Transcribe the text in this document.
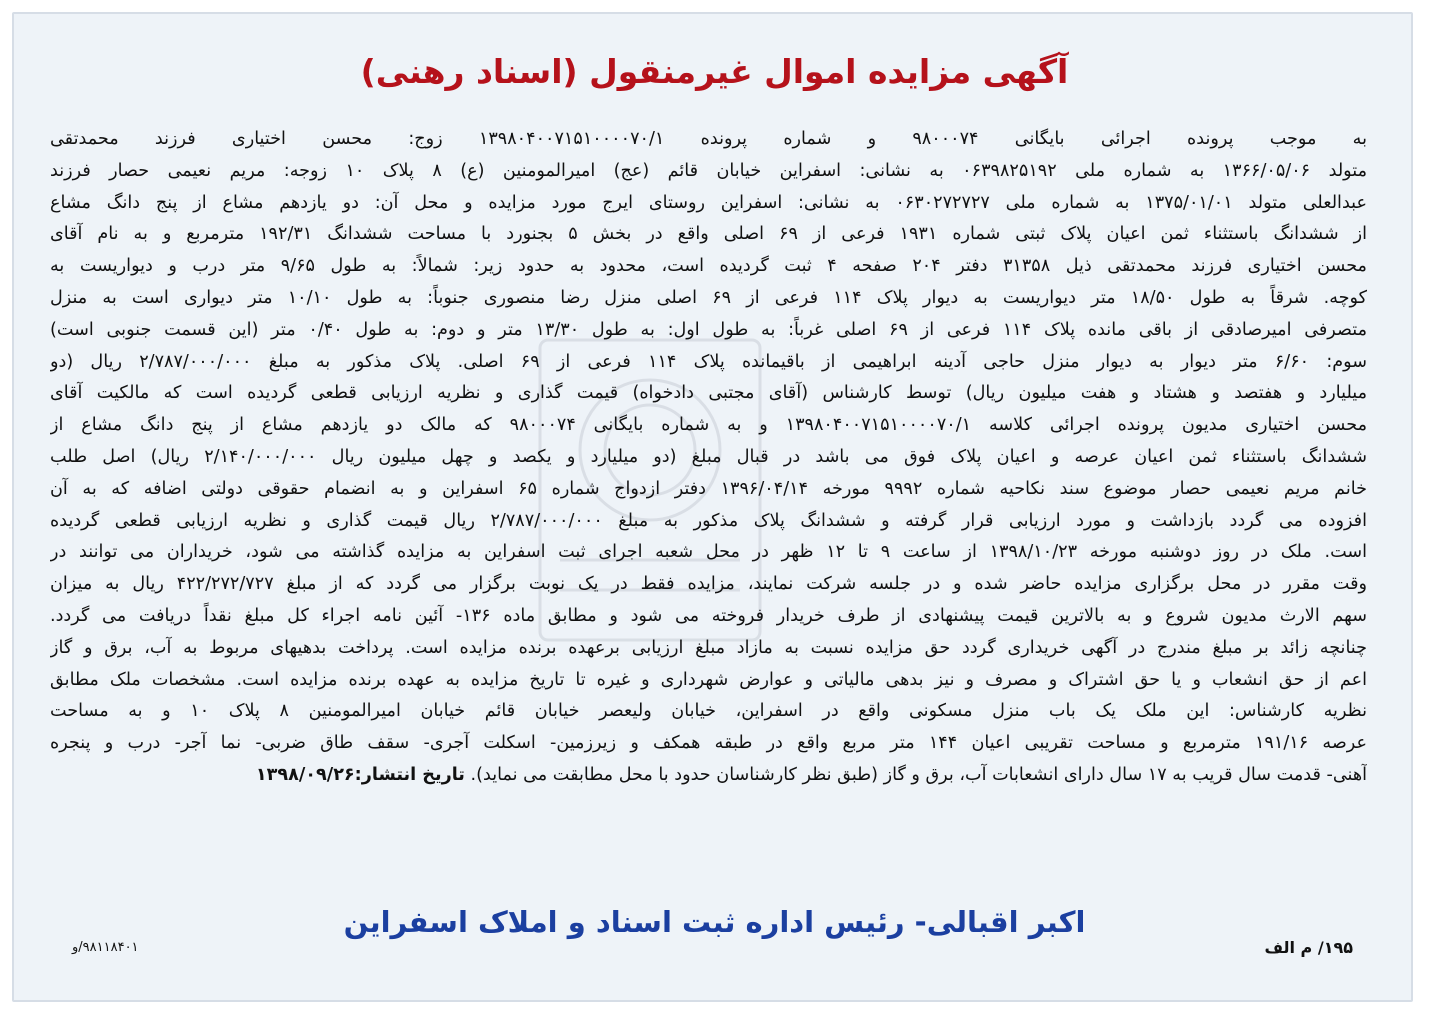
آگهی مزایده اموال غیرمنقول (اسناد رهنی)
به موجب پرونده اجرائی بایگانی ۹۸۰۰۰۷۴ و شماره پرونده ۱۳۹۸۰۴۰۰۷۱۵۱۰۰۰۰۷۰/۱ زوج: محسن اختیاری فرزند محمدتقی
متولد ۱۳۶۶/۰۵/۰۶ به شماره ملی ۰۶۳۹۸۲۵۱۹۲ به نشانی: اسفراین خیابان قائم (عج) امیرالمومنین (ع) ۸ پلاک ۱۰ زوجه: مریم نعیمی حصار فرزند
عبدالعلی متولد ۱۳۷۵/۰۱/۰۱ به شماره ملی ۰۶۳۰۲۷۲۷۲۷ به نشانی: اسفراین روستای ایرج مورد مزایده و محل آن: دو یازدهم مشاع از پنج دانگ مشاع
از ششدانگ باستثناء ثمن اعیان پلاک ثبتی شماره ۱۹۳۱ فرعی از ۶۹ اصلی واقع در بخش ۵ بجنورد با مساحت ششدانگ ۱۹۲/۳۱ مترمربع و به نام آقای
محسن اختیاری فرزند محمدتقی ذیل ۳۱۳۵۸ دفتر ۲۰۴ صفحه ۴ ثبت گردیده است، محدود به حدود زیر: شمالاً: به طول ۹/۶۵ متر درب و دیواریست به
کوچه. شرقاً به طول ۱۸/۵۰ متر دیواریست به دیوار پلاک ۱۱۴ فرعی از ۶۹ اصلی منزل رضا منصوری جنوباً: به طول ۱۰/۱۰ متر دیواری است به منزل
متصرفی امیرصادقی از باقی مانده پلاک ۱۱۴ فرعی از ۶۹ اصلی غرباً: به طول اول: به طول ۱۳/۳۰ متر و دوم: به طول ۰/۴۰ متر (این قسمت جنوبی است)
سوم: ۶/۶۰ متر دیوار به دیوار منزل حاجی آدینه ابراهیمی از باقیمانده پلاک ۱۱۴ فرعی از ۶۹ اصلی. پلاک مذکور به مبلغ ۲/۷۸۷/۰۰۰/۰۰۰ ریال (دو
میلیارد و هفتصد و هشتاد و هفت میلیون ریال) توسط کارشناس (آقای مجتبی دادخواه) قیمت گذاری و نظریه ارزیابی قطعی گردیده است که مالکیت آقای
محسن اختیاری مدیون پرونده اجرائی کلاسه ۱۳۹۸۰۴۰۰۷۱۵۱۰۰۰۰۷۰/۱ و به شماره بایگانی ۹۸۰۰۰۷۴ که مالک دو یازدهم مشاع از پنج دانگ مشاع از
ششدانگ باستثناء ثمن اعیان عرصه و اعیان پلاک فوق می باشد در قبال مبلغ (دو میلیارد و یکصد و چهل میلیون ریال ۲/۱۴۰/۰۰۰/۰۰۰ ریال) اصل طلب
خانم مریم نعیمی حصار موضوع سند نکاحیه شماره ۹۹۹۲ مورخه ۱۳۹۶/۰۴/۱۴ دفتر ازدواج شماره ۶۵ اسفراین و به انضمام حقوقی دولتی اضافه که به آن
افزوده می گردد بازداشت و مورد ارزیابی قرار گرفته و ششدانگ پلاک مذکور به مبلغ ۲/۷۸۷/۰۰۰/۰۰۰ ریال قیمت گذاری و نظریه ارزیابی قطعی گردیده
است. ملک در روز دوشنبه مورخه ۱۳۹۸/۱۰/۲۳ از ساعت ۹ تا ۱۲ ظهر در محل شعبه اجرای ثبت اسفراین به مزایده گذاشته می شود، خریداران می توانند در
وقت مقرر در محل برگزاری مزایده حاضر شده و در جلسه شرکت نمایند، مزایده فقط در یک نوبت برگزار می گردد که از مبلغ ۴۲۲/۲۷۲/۷۲۷ ریال به میزان
سهم الارث مدیون شروع و به بالاترین قیمت پیشنهادی از طرف خریدار فروخته می شود و مطابق ماده ۱۳۶- آئین نامه اجراء کل مبلغ نقداً دریافت می گردد.
چنانچه زائد بر مبلغ مندرج در آگهی خریداری گردد حق مزایده نسبت به مازاد مبلغ ارزیابی برعهده برنده مزایده است. پرداخت بدهیهای مربوط به آب، برق و گاز
اعم از حق انشعاب و یا حق اشتراک و مصرف و نیز بدهی مالیاتی و عوارض شهرداری و غیره تا تاریخ مزایده به عهده برنده مزایده است. مشخصات ملک مطابق
نظریه کارشناس: این ملک یک باب منزل مسکونی واقع در اسفراین، خیابان ولیعصر خیابان قائم خیابان امیرالمومنین ۸ پلاک ۱۰ و به مساحت
عرصه ۱۹۱/۱۶ مترمربع و مساحت تقریبی اعیان ۱۴۴ متر مربع واقع در طبقه همکف و زیرزمین- اسکلت آجری- سقف طاق ضربی- نما آجر- درب و پنجره
آهنی- قدمت سال قریب به ۱۷ سال دارای انشعابات آب، برق و گاز (طبق نظر کارشناسان حدود با محل مطابقت می نماید). تاریخ انتشار:۱۳۹۸/۰۹/۲۶
اکبر اقبالی- رئیس اداره ثبت اسناد و املاک اسفراین
۱۹۵/ م الف
۹۸۱۱۸۴۰۱/و
